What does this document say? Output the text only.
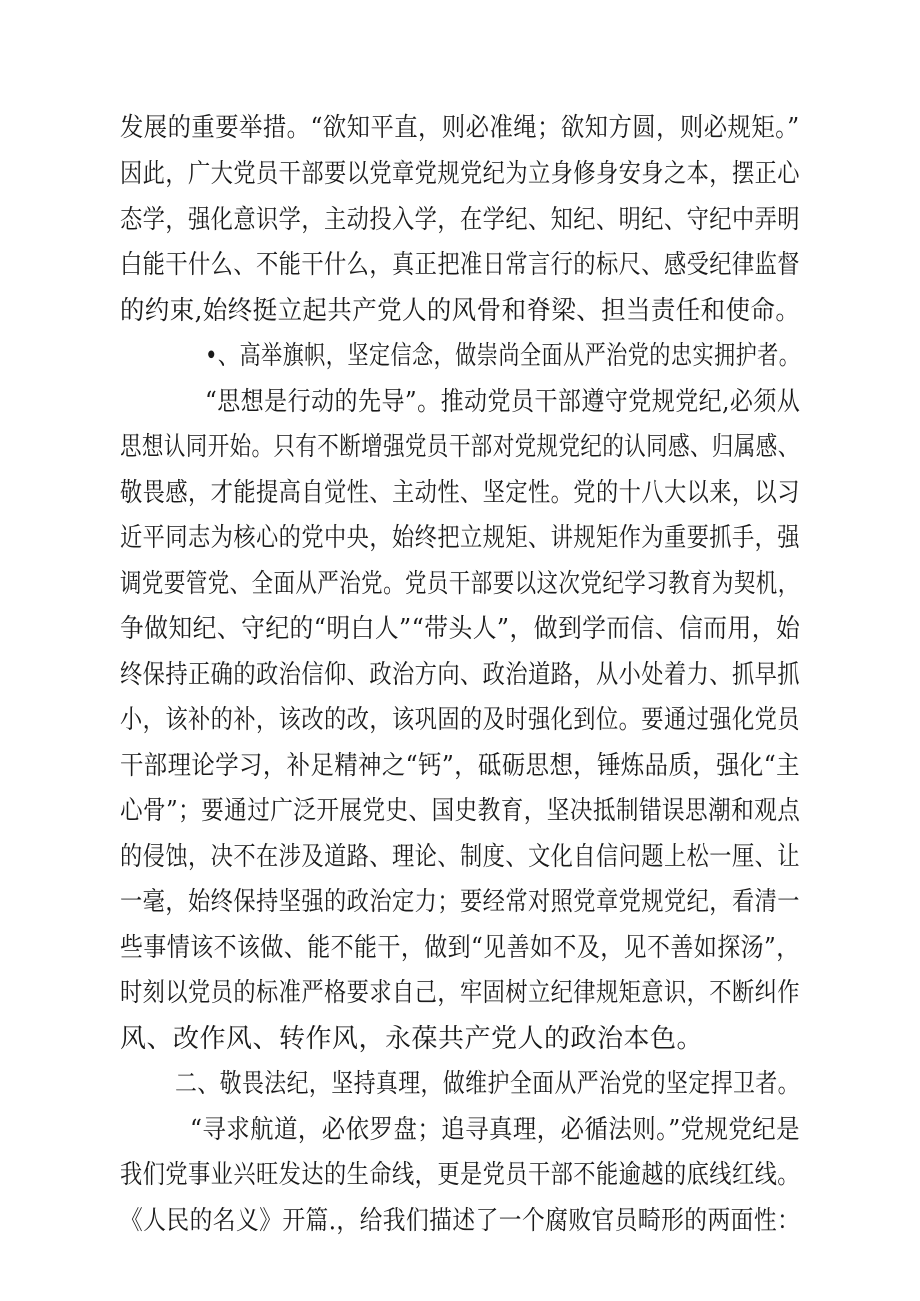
发展的重要举措。“欲知平直，则必准绳；欲知方圆，则必规矩。”
因此，广大党员干部要以党章党规党纪为立身修身安身之本，摆正心
态学，强化意识学，主动投入学，在学纪、知纪、明纪、守纪中弄明
白能干什么、不能干什么，真正把准日常言行的标尺、感受纪律监督
的约束,始终挺立起共产党人的风骨和脊梁、担当责任和使命。
•、高举旗帜，坚定信念，做崇尚全面从严治党的忠实拥护者。
“思想是行动的先导”。推动党员干部遵守党规党纪,必须从
思想认同开始。只有不断增强党员干部对党规党纪的认同感、归属感、
敬畏感，才能提高自觉性、主动性、坚定性。党的十八大以来，以习
近平同志为核心的党中央，始终把立规矩、讲规矩作为重要抓手，强
调党要管党、全面从严治党。党员干部要以这次党纪学习教育为契机，
争做知纪、守纪的“明白人”“带头人”，做到学而信、信而用，始
终保持正确的政治信仰、政治方向、政治道路，从小处着力、抓早抓
小，该补的补，该改的改，该巩固的及时强化到位。要通过强化党员
干部理论学习，补足精神之“钙”，砥砺思想，锤炼品质，强化“主
心骨”；要通过广泛开展党史、国史教育，坚决抵制错误思潮和观点
的侵蚀，决不在涉及道路、理论、制度、文化自信问题上松一厘、让
一毫，始终保持坚强的政治定力；要经常对照党章党规党纪，看清一
些事情该不该做、能不能干，做到“见善如不及，见不善如探汤”，
时刻以党员的标准严格要求自己，牢固树立纪律规矩意识，不断纠作
风、改作风、转作风，永葆共产党人的政治本色。
二、敬畏法纪，坚持真理，做维护全面从严治党的坚定捍卫者。
“寻求航道，必依罗盘；追寻真理，必循法则。”党规党纪是
我们党事业兴旺发达的生命线，更是党员干部不能逾越的底线红线。
《人民的名义》开篇.，给我们描述了一个腐败官员畸形的两面性：
